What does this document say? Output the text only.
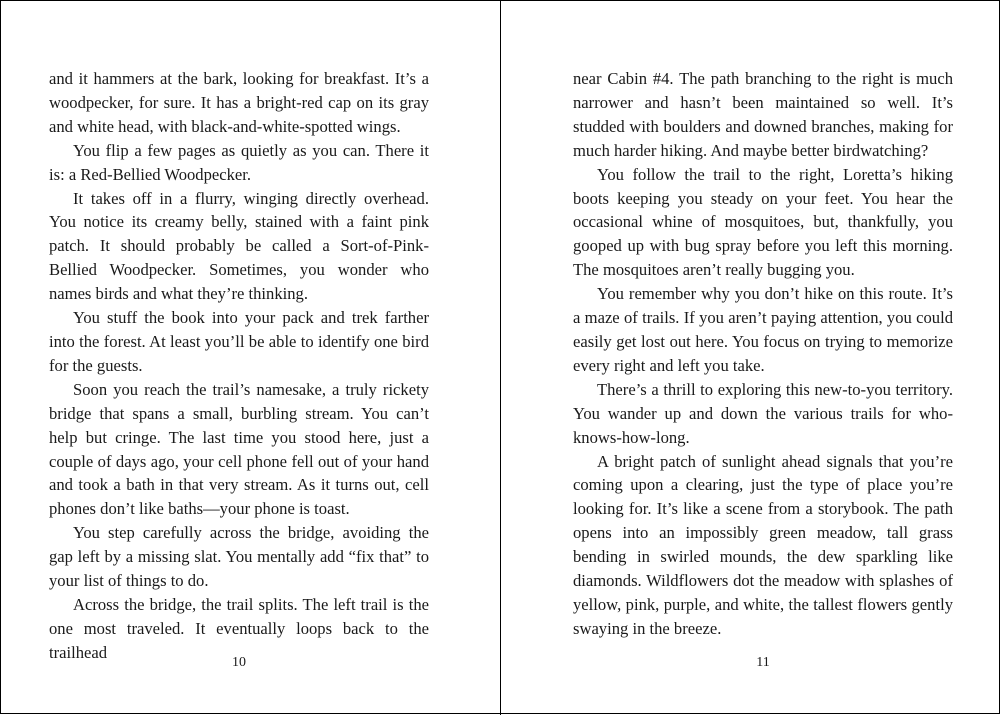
and it hammers at the bark, looking for breakfast. It’s a woodpecker, for sure. It has a bright-red cap on its gray and white head, with black-and-white-spotted wings.

You flip a few pages as quietly as you can. There it is: a Red-Bellied Woodpecker.

It takes off in a flurry, winging directly overhead. You notice its creamy belly, stained with a faint pink patch. It should probably be called a Sort-of-Pink-Bellied Woodpecker. Sometimes, you wonder who names birds and what they’re thinking.

You stuff the book into your pack and trek farther into the forest. At least you’ll be able to identify one bird for the guests.

Soon you reach the trail’s namesake, a truly rickety bridge that spans a small, burbling stream. You can’t help but cringe. The last time you stood here, just a couple of days ago, your cell phone fell out of your hand and took a bath in that very stream. As it turns out, cell phones don’t like baths—your phone is toast.

You step carefully across the bridge, avoiding the gap left by a missing slat. You mentally add “fix that” to your list of things to do.

Across the bridge, the trail splits. The left trail is the one most traveled. It eventually loops back to the trailhead

near Cabin #4. The path branching to the right is much narrower and hasn’t been maintained so well. It’s studded with boulders and downed branches, making for much harder hiking. And maybe better birdwatching?

You follow the trail to the right, Loretta’s hiking boots keeping you steady on your feet. You hear the occasional whine of mosquitoes, but, thankfully, you gooped up with bug spray before you left this morning. The mosquitoes aren’t really bugging you.

You remember why you don’t hike on this route. It’s a maze of trails. If you aren’t paying attention, you could easily get lost out here. You focus on trying to memorize every right and left you take.

There’s a thrill to exploring this new-to-you territory. You wander up and down the various trails for who-knows-how-long.

A bright patch of sunlight ahead signals that you’re coming upon a clearing, just the type of place you’re looking for. It’s like a scene from a storybook. The path opens into an impossibly green meadow, tall grass bending in swirled mounds, the dew sparkling like diamonds. Wildflowers dot the meadow with splashes of yellow, pink, purple, and white, the tallest flowers gently swaying in the breeze.

10	11
